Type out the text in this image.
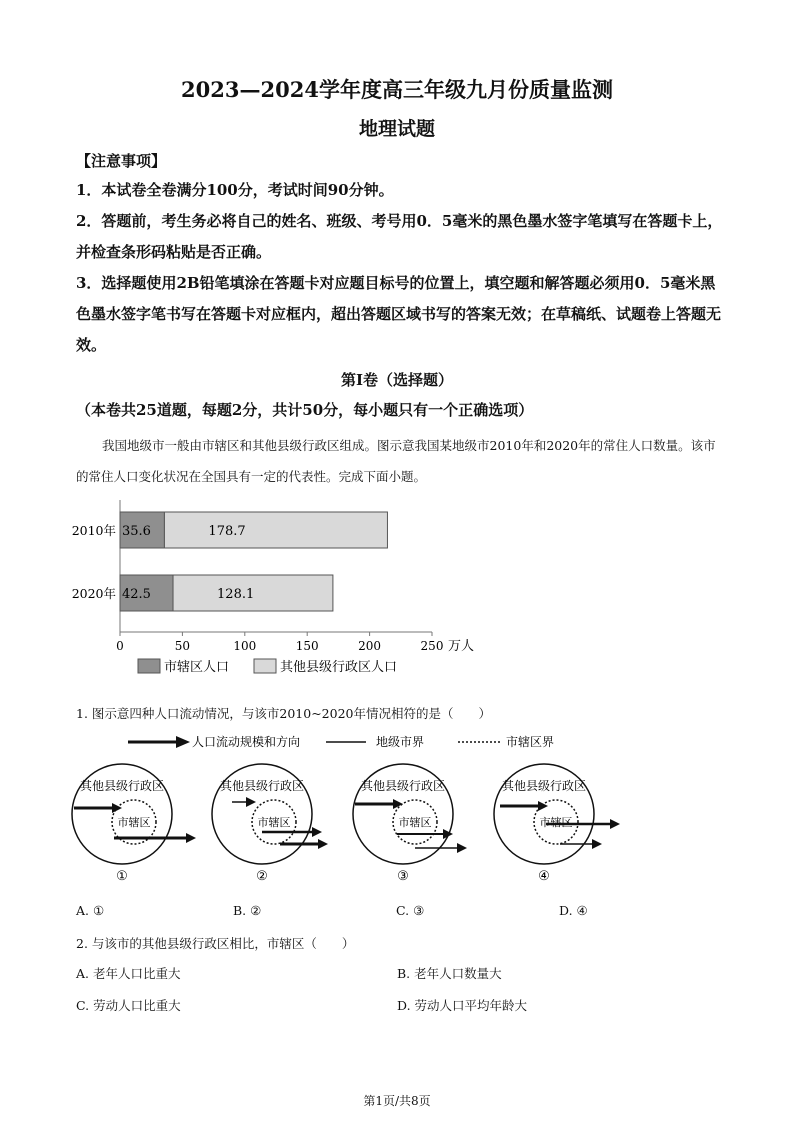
2023—2024学年度高三年级九月份质量监测
地理试题
【注意事项】
1．本试卷全卷满分100分，考试时间90分钟。
2．答题前，考生务必将自己的姓名、班级、考号用0．5毫米的黑色墨水签字笔填写在答题卡上，并检查条形码粘贴是否正确。
3．选择题使用2B铅笔填涂在答题卡对应题目标号的位置上，填空题和解答题必须用0．5毫米黑色墨水签字笔书写在答题卡对应框内，超出答题区域书写的答案无效；在草稿纸、试题卷上答题无效。
第I卷（选择题）
（本卷共25道题，每题2分，共计50分，每小题只有一个正确选项）
我国地级市一般由市辖区和其他县级行政区组成。图示意我国某地级市2010年和2020年的常住人口数量。该市的常住人口变化状况在全国具有一定的代表性。完成下面小题。
0	50	100	150	200	250 万人
2010年 35.6	178.7
2020年 42.5	128.1
市辖区人口	其他县级行政区人口
1. 图示意四种人口流动情况，与该市2010~2020年情况相符的是（　　）
人口流动规模和方向	地级市界	市辖区界
其他县级行政区
市辖区
①
其他县级行政区
市辖区
②
其他县级行政区
市辖区
③
其他县级行政区
市辖区
④
A. ①	B. ②	C. ③	D. ④
2. 与该市的其他县级行政区相比，市辖区（　　）
A. 老年人口比重大	B. 老年人口数量大
C. 劳动人口比重大	D. 劳动人口平均年龄大
第1页/共8页
